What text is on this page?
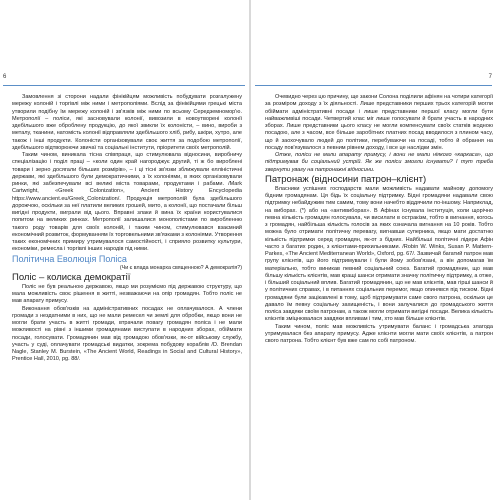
6

Замовлення зі сторони надали фінікійцям можливість побудувати розгалужену мережу колоній і торгівлі між ними і метрополіями. Вслід за фінікійцями грецькі міста утворили подібну їм мережу колоній і зв'язків між ними по всьому Середземномор'ю. Метрополії – поліси, які засновували колонії, вивозили в новоутворені колонії здебільшого вже оброблену продукцію, до якої звикли їх колоністи, – вино, вироби з металу, тканини, натомість колонії відправляли здебільшого хліб, рибу, шкіри, хутро, але також і інші продукти. Колоністи організовували своє життя за подобою метрополії, здебільшого відтворюючи звичаї та соціальні інститути, пріоритети своїх метрополій.

Таким чином, виникала тісна співпраця, що стимулювала відносини, виробничу спеціалізацію і поділ праці – «коли один край нагороджує другий, ті ж бо вироблені товари і зерно досягали більших розмірів», – і ці тісні зв'язки зближували елліністичні держави, які здебільшого були демократичними, з їх колоніями, в яких організовували ринки, які забезпечували всі великі міста товарами, продуктами і рабами. /Mark Cartwright, «Greek Colonization», Ancient History Encyclopedia https://www.ancient.eu/Greek_Colonization/. Продукція метрополій була здебільшого дорожчою, оскільки за неї платили великих грошей, мито, а колонії, що постачали більш вигідні продукти, виграли від цього. Вправні злаки й вина їх країни користувалися попитом на великих ринках. Метрополії залишалися монополістами по виробленню такого роду товарів для своїх колоній, і таким чином, стимулювався взаємний економічний розвиток, формуванням їх торговельними зв'язками з колоніями. Утворення таких економічних примиру утримувалося самостійності, і сприяло розвитку культури, економіки, ремесла і торгівлі інших народів під ними.

Політична Еволюція Поліса

(Чи є влада монарха священною? А демократія?)

Поліс – колиска демократії

Поліс не був реальною державою, якщо ми розуміємо під державою структуру, що мала можливість своє рішення в житті, незважаючи на опір громадян. Тобто поліс не мав апарату примусу.

Виконання обов'язків на адміністративних посадах не оплачувалося. А члени громади з нездатними в них, що не мали ремесел чи землі для обробки, якщо вони не могли брати участь в житті громади, втрачали повагу громадян поліса і не мали можливості на рівні з іншими громадянами виступати в народних зборах, обіймати посади, голосувати. Громадянин мав від громадою обов'язки, як-от військову службу, участь у суді, оплачувати громадські видатки, зокрема побудову кораблів /D. Brendan Nagle, Stanley M. Burstein, «The Ancient World, Readings in Social and Cultural History», Prentice Hall, 2010, pg. 88/.

7

Очевидно через цю причину, ще закони Солона поділили афінян на чотири категорії за розміром доходу з їх діяльності. Лише представники перших трьох категорій могли обіймати адміністративні посади і лише представники першої класу могли бути найважливіші посади. Четвертий клас міг лише голосувати й брати участь в народних зборах. Лише представники цього класу не могли компенсувати своїх статків жодною посадою, але з часом, все більше заробітних платних посад вводилося з плином часу, що й заохочувало людей до політики, перебуваючи на посаді, тобто й обрання на посаду пов'язувалося з певним рівнем доходу, і все це наслідки змін.

Отже, поліси не мали апарату примусу, і вони не мали ніякого «каркаса», що підтримував би соціальний устрій. Як же поліси змогли існувати? І тут треба звернути увагу на патронажні відносини.

Патронаж (відносини патрон–клієнт)

Власники успішних господарств мали можливість надавати майнову допомогу бідним громадянам. Ця бідь їх соціальну підтримку. Бідні громадяни надавали свою підтримку небайдужим тим самим, тому вони начебто віддячили по-іншому. Наприклад, на виборах. (*) або на «антивиборах». В Афінах існувала інституція, коли щорічно певна кількість громадян голосувала, чи висилати в остракізм, тобто в вигнання, когось з громадян, найбільша кількість голосів за яких означала вигнання на 10 років. Тобто можна було отримати політичну перевагу, вигнавши суперника, якщо мати достатню кількість підтримки серед громадян, як-от з бідних. Найбільші політичні лідери Афін часто з багатих родин, з клієнтами-прихильниками. /Robin W. Winks, Susan P. Mattern-Parkes, «The Ancient Mediterranean World», Oxford, pg. 67/. Зазвичай багатий патрон мав групу клієнтів, що його підтримували і були йому зобов'язані, а він допомагав їм матеріально, тобто виникав певний соціальний союз. Багатий громадянин, що мав більшу кількість клієнтів, мав кращі шанси отримати значну політичну підтримку, а отже, і більший соціальний вплив. Багатий громадянин, що не мав клієнтів, мав гірші шанси й у політичних справах, і в питаннях соціальних перемог, якщо опинявся під тиском. Бідні громадяни були зацікавлені в тому, щоб підтримувати саме свого патрона, оскільки це давало їм певну соціальну захищеність, і вони залучалися до громадського життя поліса завдяки своїм патронам, а також могли отримати вигідні посади. Велика кількість клієнтів зміцнювалася завдяки впливам і тим, хто мав більше клієнтів.

Таким чином, поліс мав можливість утримувати баланс і громадська злагода утримувалася без апарату примусу. Адже клієнти могли мати своїх клієнтів, а патрон свого патрона. Тобто клієнт був вже сам по собі патроном.
